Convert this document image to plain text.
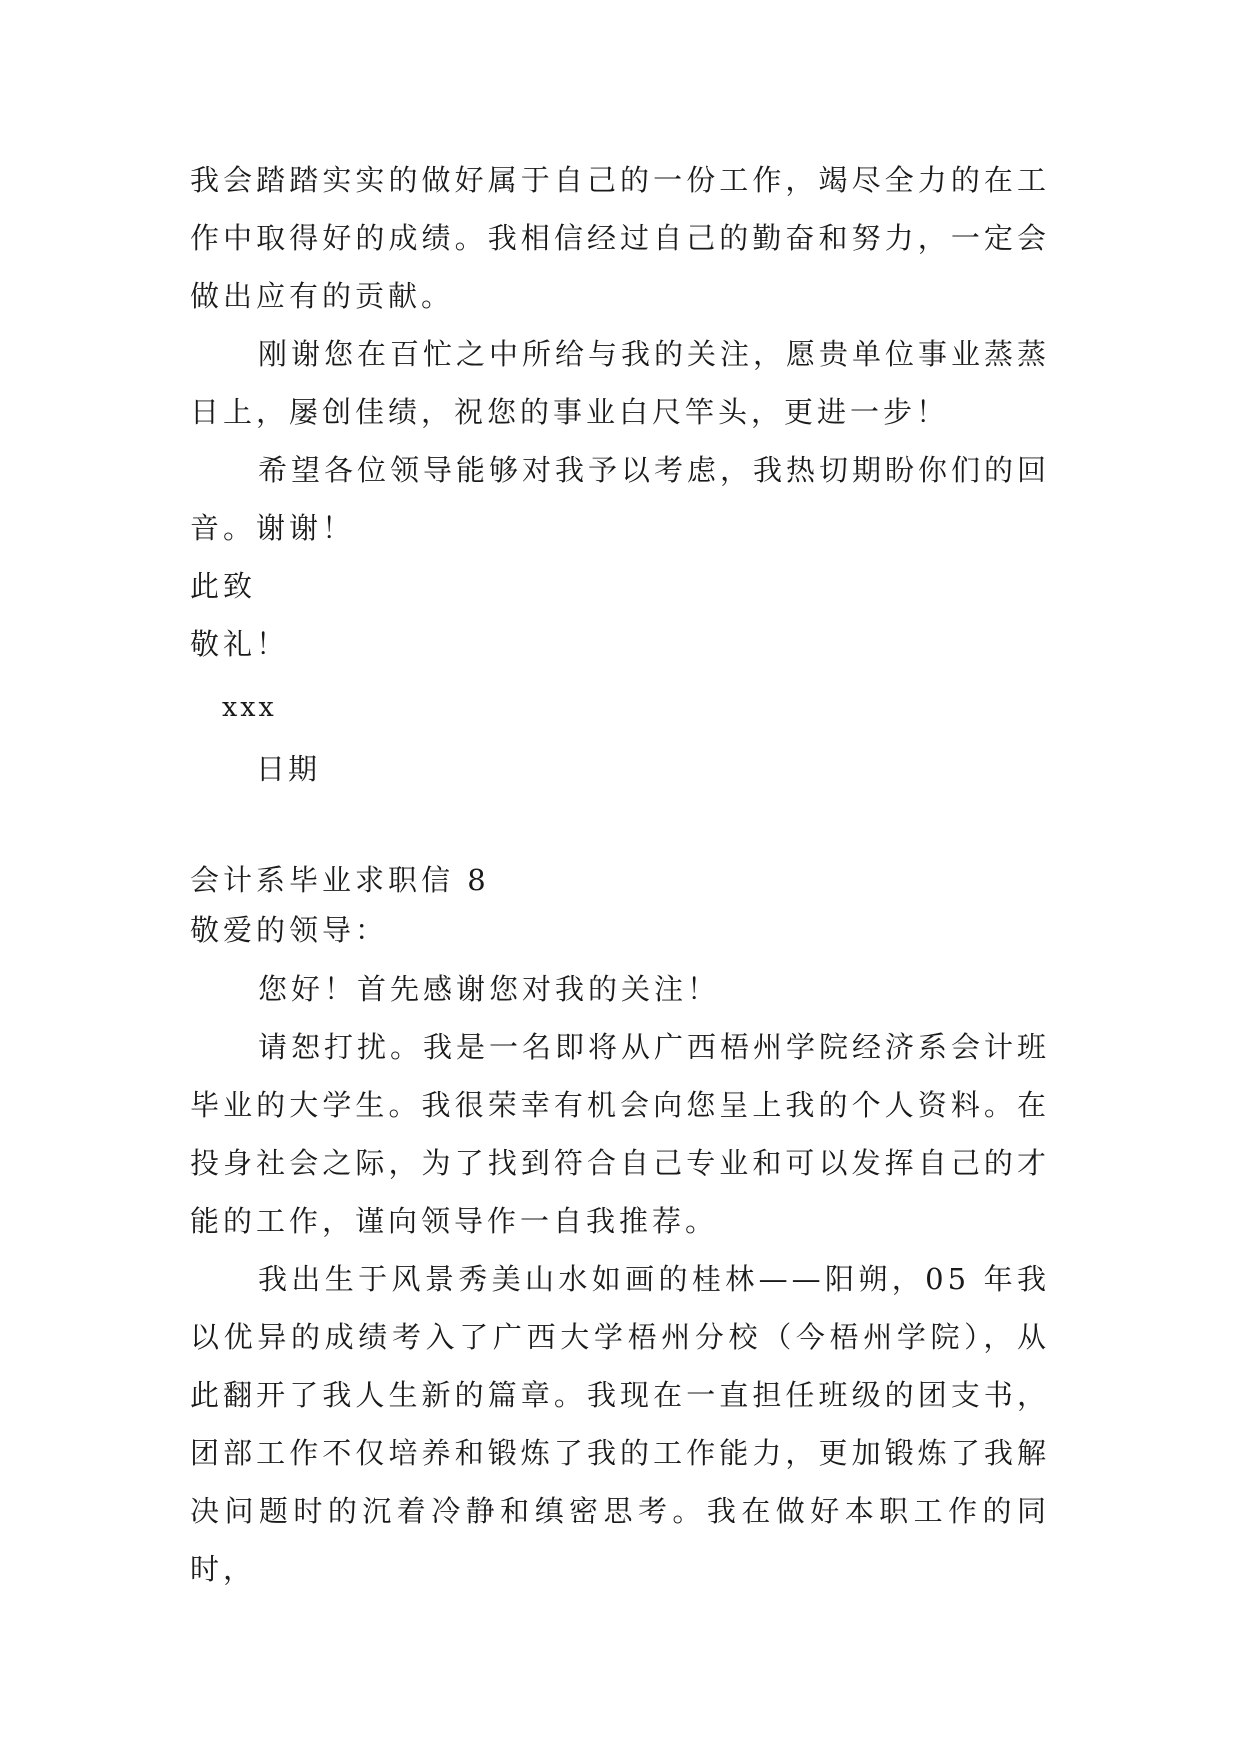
我会踏踏实实的做好属于自己的一份工作，竭尽全力的在工作中取得好的成绩。我相信经过自己的勤奋和努力，一定会做出应有的贡献。

刚谢您在百忙之中所给与我的关注，愿贵单位事业蒸蒸日上，屡创佳绩，祝您的事业白尺竿头，更进一步！

希望各位领导能够对我予以考虑，我热切期盼你们的回音。谢谢！

此致

敬礼！

xxx
日期

会计系毕业求职信 8

敬爱的领导：

您好！首先感谢您对我的关注！

请恕打扰。我是一名即将从广西梧州学院经济系会计班毕业的大学生。我很荣幸有机会向您呈上我的个人资料。在投身社会之际，为了找到符合自己专业和可以发挥自己的才能的工作，谨向领导作一自我推荐。

我出生于风景秀美山水如画的桂林——阳朔，05 年我以优异的成绩考入了广西大学梧州分校（今梧州学院），从此翻开了我人生新的篇章。我现在一直担任班级的团支书，团部工作不仅培养和锻炼了我的工作能力，更加锻炼了我解决问题时的沉着冷静和缜密思考。我在做好本职工作的同时，
